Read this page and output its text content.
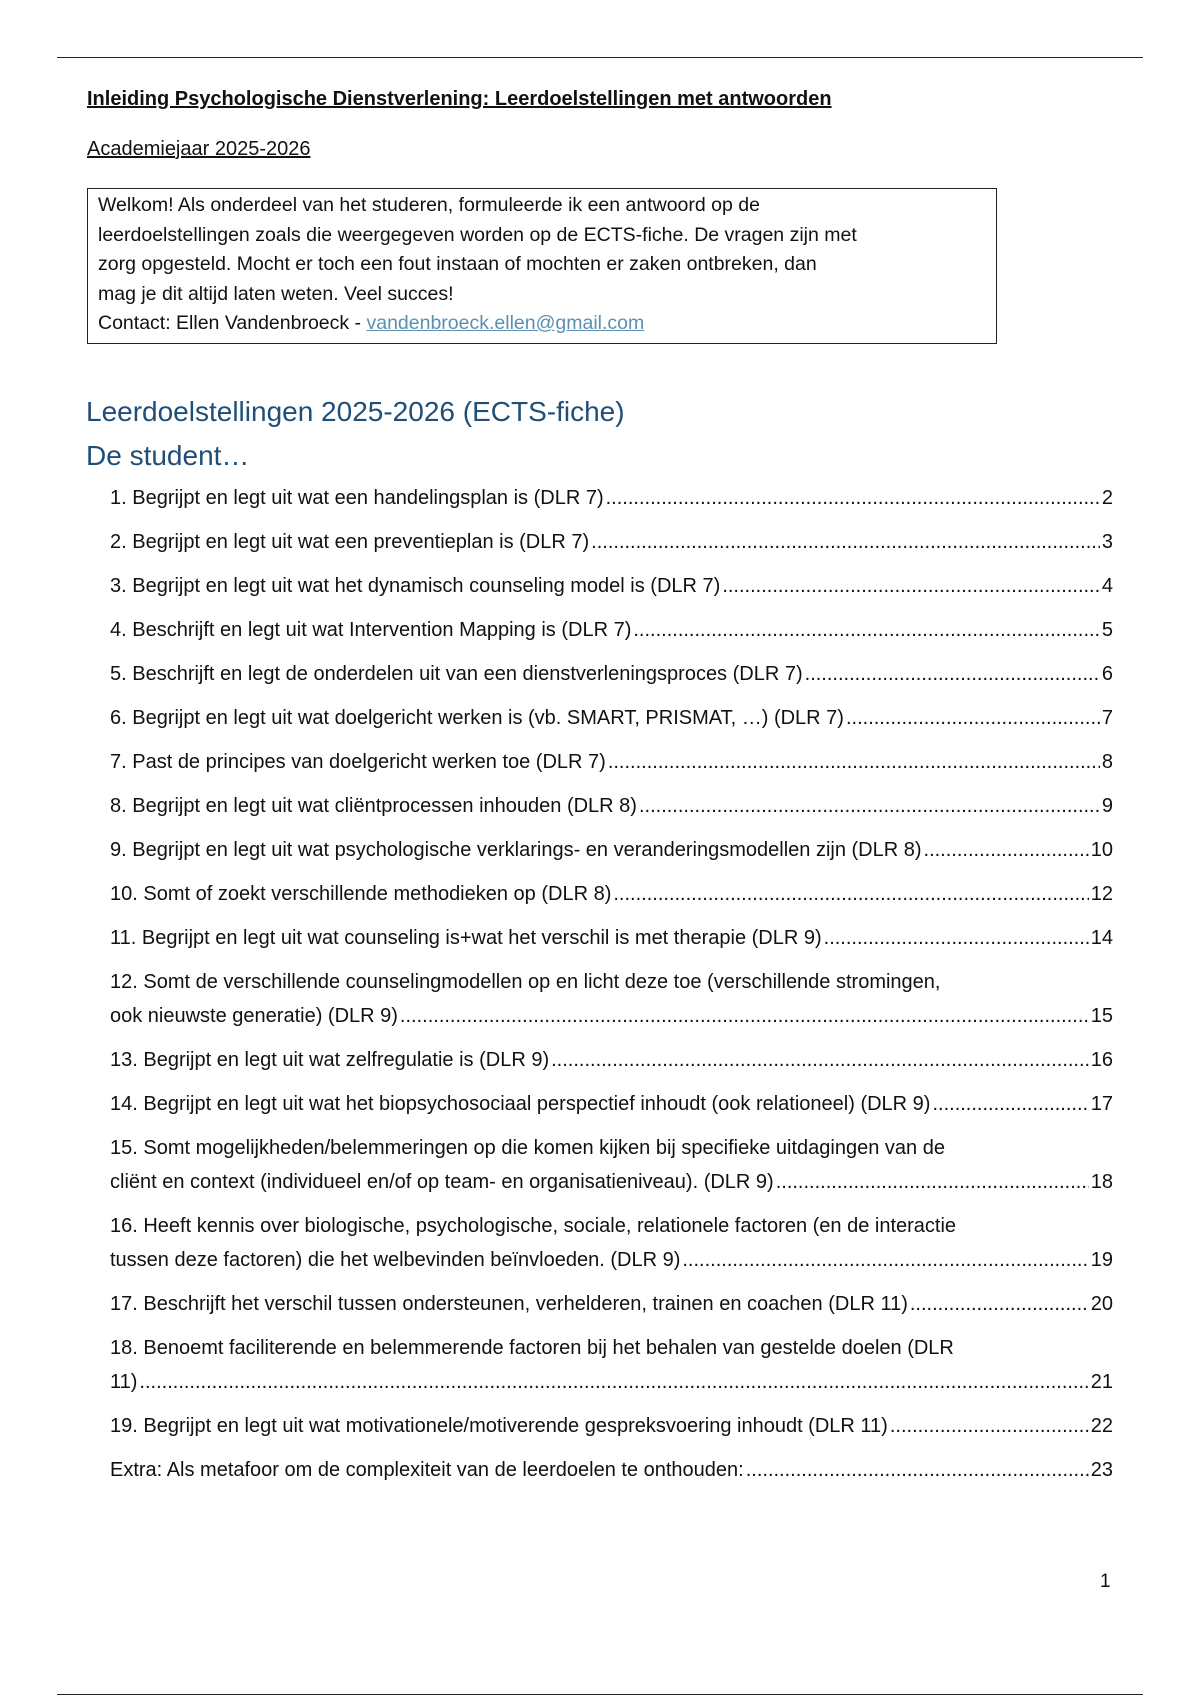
Inleiding Psychologische Dienstverlening: Leerdoelstellingen met antwoorden
Academiejaar 2025-2026

Welkom! Als onderdeel van het studeren, formuleerde ik een antwoord op de

leerdoelstellingen zoals die weergegeven worden op de ECTS-fiche. De vragen zijn met

zorg opgesteld. Mocht er toch een fout instaan of mochten er zaken ontbreken, dan

mag je dit altijd laten weten. Veel succes!

Contact: Ellen Vandenbroeck - vandenbroeck.ellen@gmail.com

Leerdoelstellingen 2025-2026 (ECTS-fiche)
De student…
1. Begrijpt en legt uit wat een handelingsplan is (DLR 7) .....	2
2. Begrijpt en legt uit wat een preventieplan is (DLR 7) .....	3
3. Begrijpt en legt uit wat het dynamisch counseling model is (DLR 7) .....	4
4. Beschrijft en legt uit wat Intervention Mapping is (DLR 7) .....	5
5. Beschrijft en legt de onderdelen uit van een dienstverleningsproces (DLR 7) .....	6
6. Begrijpt en legt uit wat doelgericht werken is (vb. SMART, PRISMAT, …) (DLR 7) .....	7
7. Past de principes van doelgericht werken toe (DLR 7) .....	8
8. Begrijpt en legt uit wat cliëntprocessen inhouden (DLR 8) .....	9
9. Begrijpt en legt uit wat psychologische verklarings- en veranderingsmodellen zijn (DLR 8) .....	10
10. Somt of zoekt verschillende methodieken op (DLR 8) .....	12
11. Begrijpt en legt uit wat counseling is+wat het verschil is met therapie (DLR 9) .....	14
12. Somt de verschillende counselingmodellen op en licht deze toe (verschillende stromingen,
ook nieuwste generatie) (DLR 9) .....	15
13. Begrijpt en legt uit wat zelfregulatie is (DLR 9) .....	16
14. Begrijpt en legt uit wat het biopsychosociaal perspectief inhoudt (ook relationeel) (DLR 9) .....	17
15. Somt mogelijkheden/belemmeringen op die komen kijken bij specifieke uitdagingen van de
cliënt en context (individueel en/of op team- en organisatieniveau). (DLR 9) .....	18
16. Heeft kennis over biologische, psychologische, sociale, relationele factoren (en de interactie
tussen deze factoren) die het welbevinden beïnvloeden. (DLR 9) .....	19
17. Beschrijft het verschil tussen ondersteunen, verhelderen, trainen en coachen (DLR 11) .....	20
18. Benoemt faciliterende en belemmerende factoren bij het behalen van gestelde doelen (DLR
11) .....	21
19. Begrijpt en legt uit wat motivationele/motiverende gespreksvoering inhoudt (DLR 11) .....	22
Extra: Als metafoor om de complexiteit van de leerdoelen te onthouden: .....	23
1
